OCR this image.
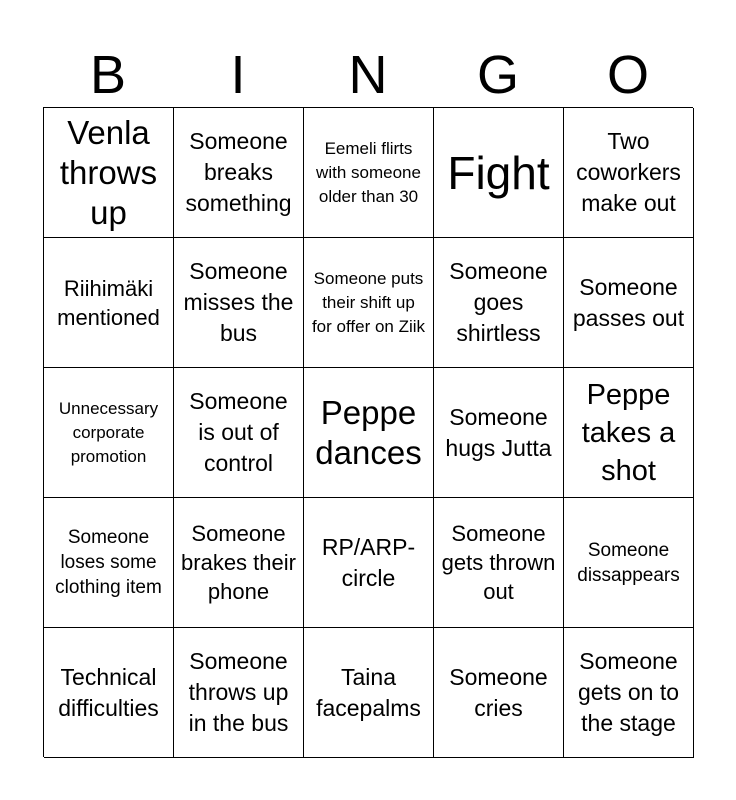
B	I	N	G	O
Venla throws up
Someone breaks something
Eemeli flirts with someone older than 30 Fight
Two coworkers make out
Riihimäki mentioned
Someone misses the bus
Someone puts their shift up for offer on Ziik
Someone goes shirtless
Someone passes out
Unnecessary corporate promotion
Someone is out of control
Peppe dances
Someone hugs Jutta
Peppe takes a shot
Someone loses some clothing item
Someone brakes their phone
RP/ARP-circle
Someone gets thrown out
Someone dissappears
Technical difficulties
Someone throws up in the bus
Taina facepalms
Someone cries
Someone gets on to the stage
